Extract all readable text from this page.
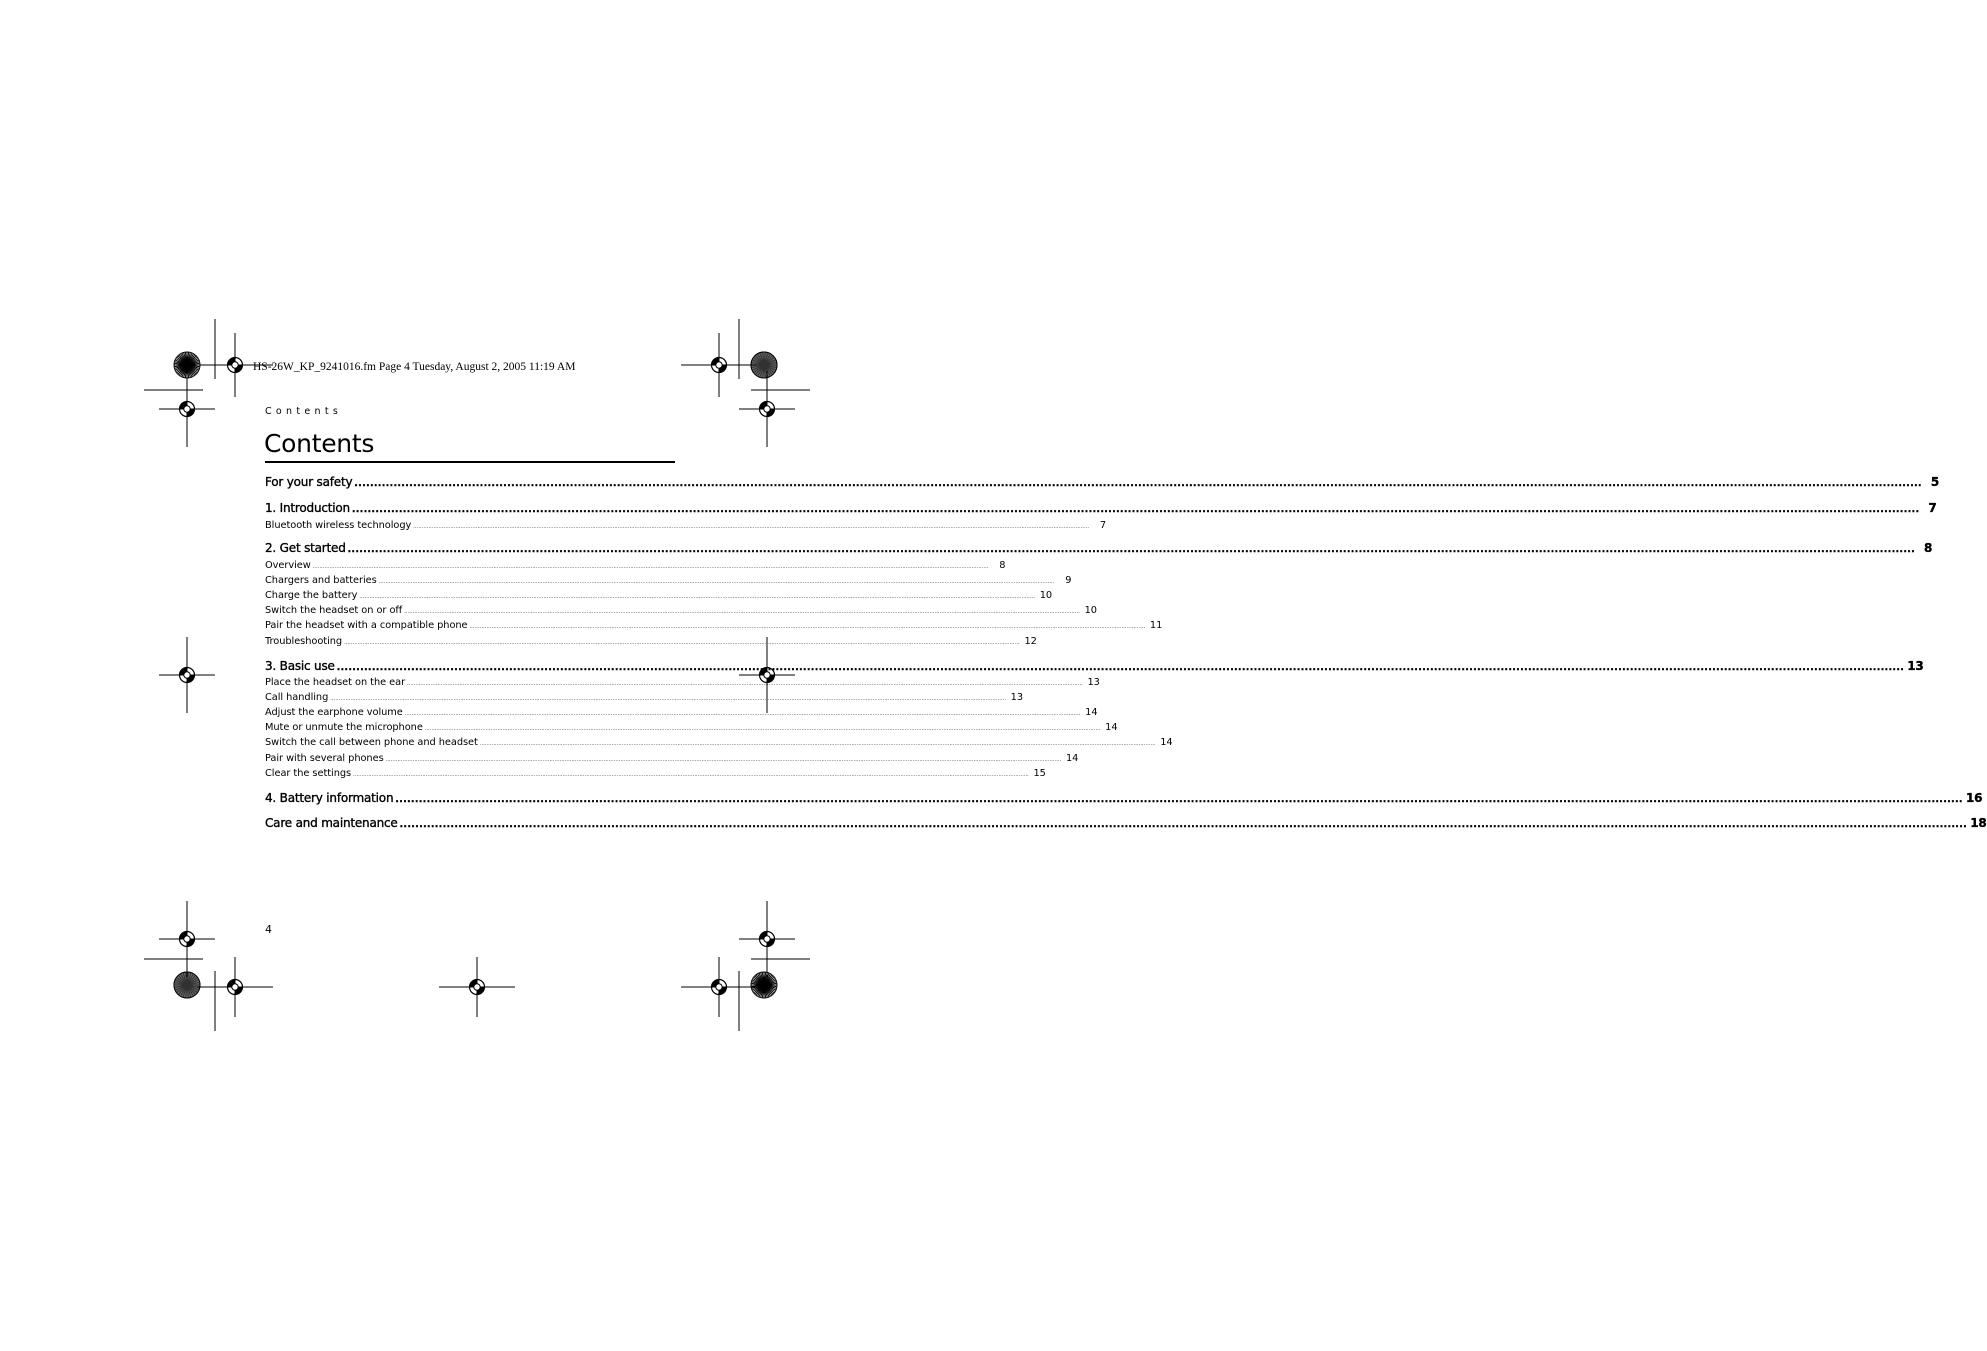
HS-26W_KP_9241016.fm Page 4 Tuesday, August 2, 2005 11:19 AM
Contents
Contents
For your safety ................................................................................................................................................................................................................................................................................................................................................................................................................ 5
1. Introduction ................................................................................................................................................................................................................................................................................................................................................................................................................ 7
Bluetooth wireless technology ................................................................................................................................................................................................................................................................................................................................................................................................................	7
2. Get started ................................................................................................................................................................................................................................................................................................................................................................................................................ 8
Overview ................................................................................................................................................................................................................................................................................................................................................................................................................	8
Chargers and batteries ................................................................................................................................................................................................................................................................................................................................................................................................................	9
Charge the battery ................................................................................................................................................................................................................................................................................................................................................................................................................ 10
Switch the headset on or off ................................................................................................................................................................................................................................................................................................................................................................................................................ 10
Pair the headset with a compatible phone ................................................................................................................................................................................................................................................................................................................................................................................................................ 11
Troubleshooting ................................................................................................................................................................................................................................................................................................................................................................................................................ 12
3. Basic use ................................................................................................................................................................................................................................................................................................................................................................................................................ 13
Place the headset on the ear ................................................................................................................................................................................................................................................................................................................................................................................................................ 13
Call handling ................................................................................................................................................................................................................................................................................................................................................................................................................ 13
Adjust the earphone volume ................................................................................................................................................................................................................................................................................................................................................................................................................ 14
Mute or unmute the microphone ................................................................................................................................................................................................................................................................................................................................................................................................................ 14
Switch the call between phone and headset ................................................................................................................................................................................................................................................................................................................................................................................................................ 14
Pair with several phones ................................................................................................................................................................................................................................................................................................................................................................................................................ 14
Clear the settings ................................................................................................................................................................................................................................................................................................................................................................................................................ 15
4. Battery information ................................................................................................................................................................................................................................................................................................................................................................................................................ 16
Care and maintenance ................................................................................................................................................................................................................................................................................................................................................................................................................ 18
4
